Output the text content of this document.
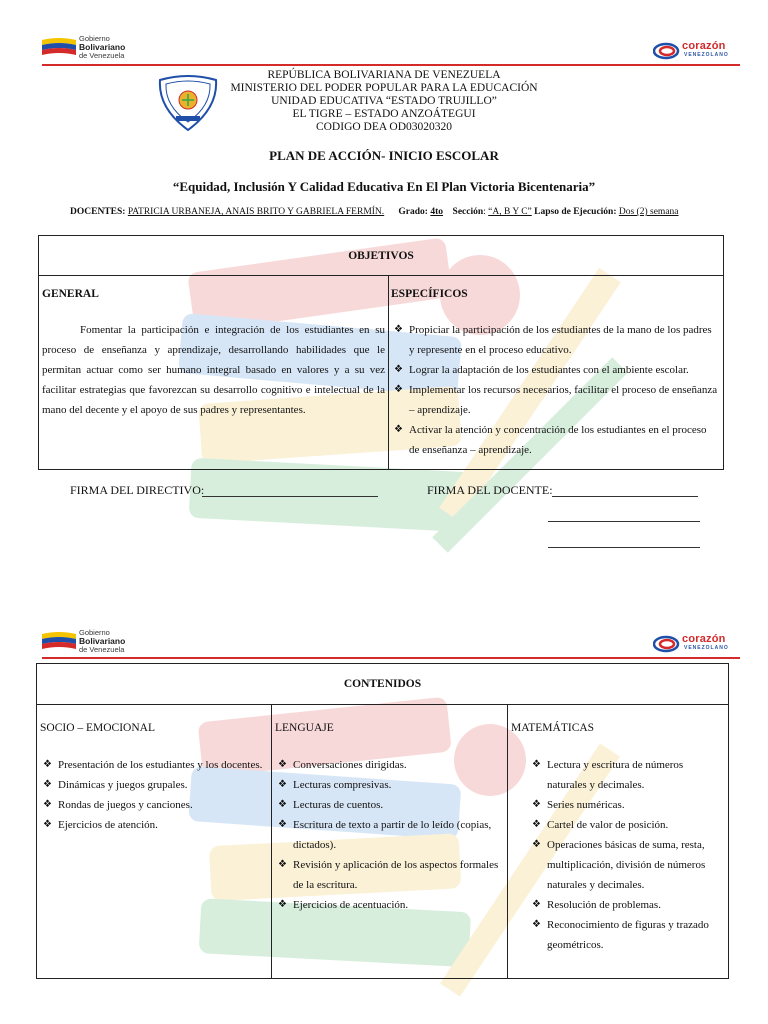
Gobierno
Bolivariano
de Venezuela
corazón
VENEZOLANO
REPÚBLICA BOLIVARIANA DE VENEZUELA
MINISTERIO DEL PODER POPULAR PARA LA EDUCACIÓN
UNIDAD EDUCATIVA “ESTADO TRUJILLO”
EL TIGRE – ESTADO ANZOÁTEGUI
CODIGO DEA OD03020320
PLAN DE ACCIÓN- INICIO ESCOLAR
“Equidad, Inclusión Y Calidad Educativa En El Plan Victoria Bicentenaria”
DOCENTES: PATRICIA URBANEJA, ANAIS BRITO Y GABRIELA FERMÍN. Grado: 4to Sección: “A, B Y C” Lapso de Ejecución: Dos (2) semana
OBJETIVOS

GENERAL
Fomentar la participación e integración de los estudiantes en su proceso de enseñanza y aprendizaje, desarrollando habilidades que le permitan actuar como ser humano integral basado en valores y a su vez facilitar estrategias que favorezcan su desarrollo cognitivo e intelectual de la mano del decente y el apoyo de sus padres y representantes.

ESPECÍFICOS
❖ Propiciar la participación de los estudiantes de la mano de los padres y represente en el proceso educativo.
❖ Lograr la adaptación de los estudiantes con el ambiente escolar.
❖ Implementar los recursos necesarios, facilitar el proceso de enseñanza – aprendizaje.
❖ Activar la atención y concentración de los estudiantes en el proceso de enseñanza – aprendizaje.
FIRMA DEL DIRECTIVO:	FIRMA DEL DOCENTE:
Gobierno
Bolivariano
de Venezuela
corazón
VENEZOLANO
CONTENIDOS

SOCIO – EMOCIONAL
❖ Presentación de los estudiantes y los docentes.
❖ Dinámicas y juegos grupales.
❖ Rondas de juegos y canciones.
❖ Ejercicios de atención.

LENGUAJE
❖ Conversaciones dirigidas.
❖ Lecturas compresivas.
❖ Lecturas de cuentos.
❖ Escritura de texto a partir de lo leído (copias, dictados).
❖ Revisión y aplicación de los aspectos formales de la escritura.
❖ Ejercicios de acentuación.

MATEMÁTICAS
❖ Lectura y escritura de números naturales y decimales.
❖ Series numéricas.
❖ Cartel de valor de posición.
❖ Operaciones básicas de suma, resta, multiplicación, división de números naturales y decimales.
❖ Resolución de problemas.
❖ Reconocimiento de figuras y trazado geométricos.
